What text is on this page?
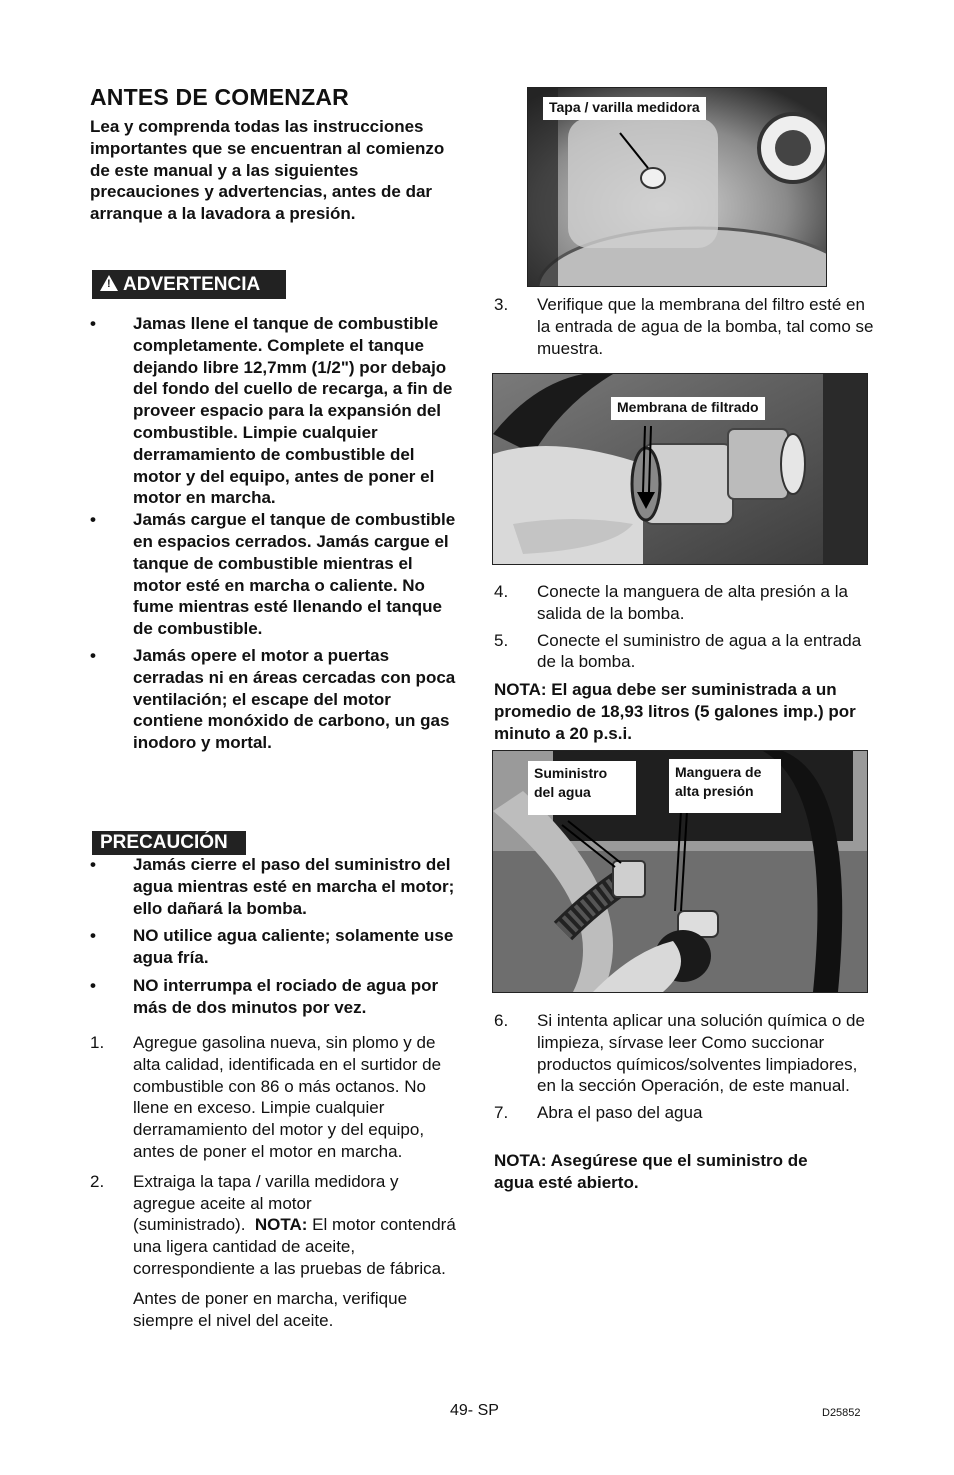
ANTES DE COMENZAR
Lea y comprenda todas las instrucciones importantes que se encuentran al comienzo de este manual y a las siguientes precauciones y advertencias, antes de dar arranque a la lavadora a presión.
! ADVERTENCIA
• Jamas llene el tanque de combustible completamente. Complete el tanque dejando libre 12,7mm (1/2") por debajo del fondo del cuello de recarga, a fin de proveer espacio para la expansión del combustible. Limpie cualquier derramamiento de combustible del motor y del equipo, antes de poner el motor en marcha.
• Jamás cargue el tanque de combustible en espacios cerrados. Jamás cargue el tanque de combustible mientras el motor esté en marcha o caliente. No fume mientras esté llenando el tanque de combustible.
• Jamás opere el motor a puertas cerradas ni en áreas cercadas con poca ventilación; el escape del motor contiene monóxido de carbono, un gas inodoro y mortal.
PRECAUCIÓN
• Jamás cierre el paso del suministro del agua mientras esté en marcha el motor; ello dañará la bomba.
• NO utilice agua caliente; solamente use agua fría.
• NO interrumpa el rociado de agua por más de dos minutos por vez.
1. Agregue gasolina nueva, sin plomo y de alta calidad, identificada en el surtidor de combustible con 86 o más octanos. No llene en exceso. Limpie cualquier derramamiento del motor y del equipo, antes de poner el motor en marcha.
2. Extraiga la tapa / varilla medidora y agregue aceite al motor (suministrado). NOTA: El motor contendrá una ligera cantidad de aceite, correspondiente a las pruebas de fábrica.
Antes de poner en marcha, verifique siempre el nivel del aceite.
Tapa / varilla medidora
3. Verifique que la membrana del filtro esté en la entrada de agua de la bomba, tal como se muestra.
Membrana de filtrado
4. Conecte la manguera de alta presión a la salida de la bomba.
5. Conecte el suministro de agua a la entrada de la bomba.
NOTA: El agua debe ser suministrada a un promedio de 18,93 litros (5 galones imp.) por minuto a 20 p.s.i.
Suministro del agua
Manguera de alta presión
6. Si intenta aplicar una solución química o de limpieza, sírvase leer Como succionar productos químicos/solventes limpiadores, en la sección Operación, de este manual.
7. Abra el paso del agua
NOTA: Asegúrese que el suministro de agua esté abierto.
49- SP	D25852
